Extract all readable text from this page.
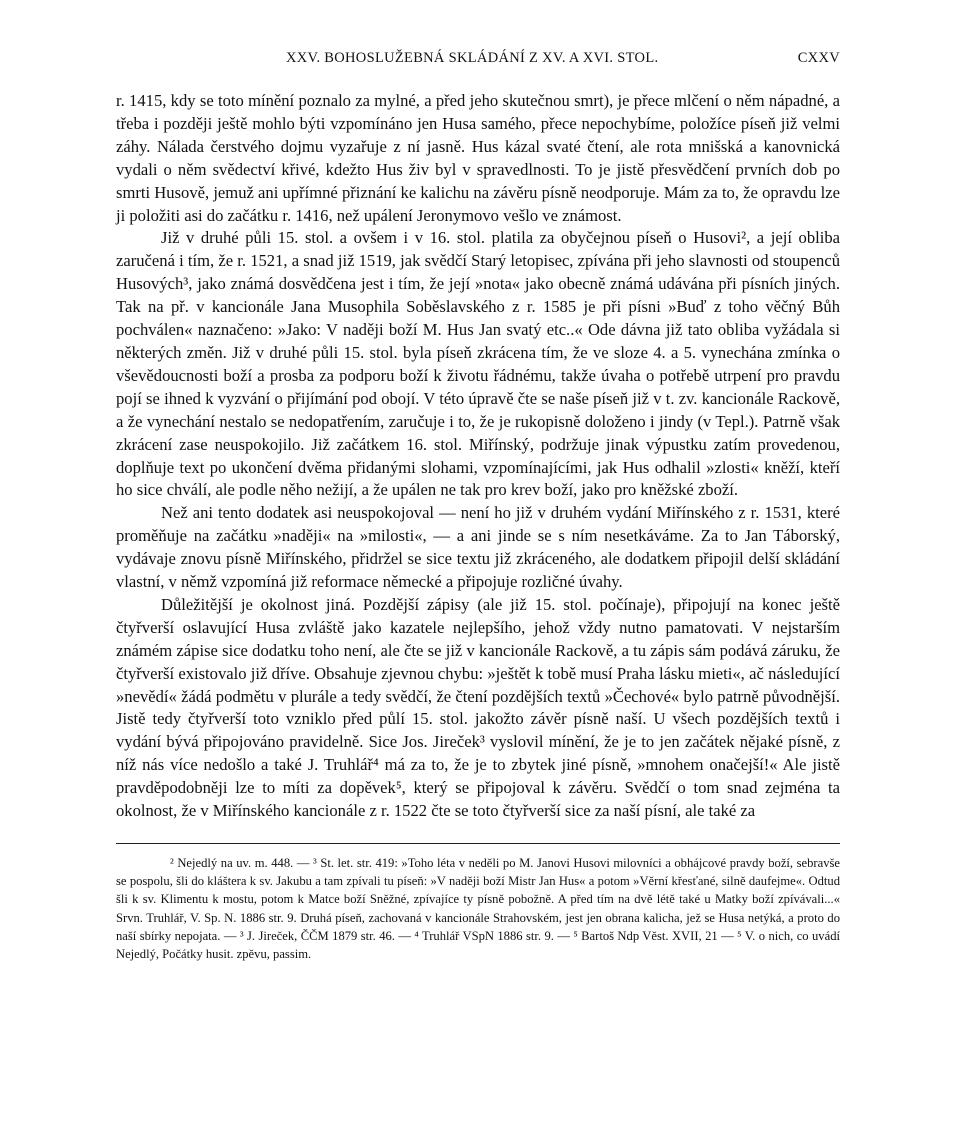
XXV. BOHOSLUŽEBNÁ SKLÁDÁNÍ Z XV. A XVI. STOL.	CXXV

r. 1415, kdy se toto mínění poznalo za mylné, a před jeho skutečnou smrt), je přece mlčení o něm nápadné, a třeba i později ještě mohlo býti vzpomínáno jen Husa samého, přece nepochybíme, položíce píseň již velmi záhy. Nálada čerstvého dojmu vyzařuje z ní jasně. Hus kázal svaté čtení, ale rota mnišská a kanovnická vydali o něm svědectví křivé, kdežto Hus živ byl v spravedlnosti. To je jistě přesvědčení prvních dob po smrti Husově, jemuž ani upřímné přiznání ke kalichu na závěru písně neodporuje. Mám za to, že opravdu lze ji položiti asi do začátku r. 1416, než upálení Jeronymovo vešlo ve známost.

Již v druhé půli 15. stol. a ovšem i v 16. stol. platila za obyčejnou píseň o Husovi², a její obliba zaručená i tím, že r. 1521, a snad již 1519, jak svědčí Starý letopisec, zpívána při jeho slavnosti od stoupenců Husových³, jako známá dosvědčena jest i tím, že její »nota« jako obecně známá udávána při písních jiných. Tak na př. v kancionále Jana Musophila Soběslavského z r. 1585 je při písni »Buď z toho věčný Bůh pochválen« naznačeno: »Jako: V naději boží M. Hus Jan svatý etc..« Ode dávna již tato obliba vyžádala si některých změn. Již v druhé půli 15. stol. byla píseň zkrácena tím, že ve sloze 4. a 5. vynechána zmínka o vševědoucnosti boží a prosba za podporu boží k životu řádnému, takže úvaha o potřebě utrpení pro pravdu pojí se ihned k vyzvání o přijímání pod obojí. V této úpravě čte se naše píseň již v t. zv. kancionále Rackově, a že vynechání nestalo se nedopatřením, zaručuje i to, že je rukopisně doloženo i jindy (v Tepl.). Patrně však zkrácení zase neuspokojilo. Již začátkem 16. stol. Miřínský, podržuje jinak výpustku zatím provedenou, doplňuje text po ukončení dvěma přidanými slohami, vzpomínajícími, jak Hus odhalil »zlosti« kněží, kteří ho sice chválí, ale podle něho nežijí, a že upálen ne tak pro krev boží, jako pro kněžské zboží.

Než ani tento dodatek asi neuspokojoval — není ho již v druhém vydání Miřínského z r. 1531, které proměňuje na začátku »naději« na »milosti«, — a ani jinde se s ním nesetkáváme. Za to Jan Táborský, vydávaje znovu písně Miřínského, přidržel se sice textu již zkráceného, ale dodatkem připojil delší skládání vlastní, v němž vzpomíná již reformace německé a připojuje rozličné úvahy.

Důležitější je okolnost jiná. Pozdější zápisy (ale již 15. stol. počínaje), připojují na konec ještě čtyřverší oslavující Husa zvláště jako kazatele nejlepšího, jehož vždy nutno pamatovati. V nejstarším známém zápise sice dodatku toho není, ale čte se již v kancionále Rackově, a tu zápis sám podává záruku, že čtyřverší existovalo již dříve. Obsahuje zjevnou chybu: »ještět k tobě musí Praha lásku mieti«, ač následující »nevědí« žádá podmětu v plurále a tedy svědčí, že čtení pozdějších textů »Čechové« bylo patrně původnější. Jistě tedy čtyřverší toto vzniklo před půlí 15. stol. jakožto závěr písně naší. U všech pozdějších textů i vydání bývá připojováno pravidelně. Sice Jos. Jireček³ vyslovil mínění, že je to jen začátek nějaké písně, z níž nás více nedošlo a také J. Truhlář⁴ má za to, že je to zbytek jiné písně, »mnohem onačejší!« Ale jistě pravděpodobněji lze to míti za dopěvek⁵, který se připojoval k závěru. Svědčí o tom snad zejména ta okolnost, že v Miřínského kancionále z r. 1522 čte se toto čtyřverší sice za naší písní, ale také za

² Nejedlý na uv. m. 448. — ³ St. let. str. 419: »Toho léta v neděli po M. Janovi Husovi milovníci a obhájcové pravdy boží, sebravše se pospolu, šli do kláštera k sv. Jakubu a tam zpívali tu píseň: »V naději boží Mistr Jan Hus« a potom »Věrní křesťané, silně daufejme«. Odtud šli k sv. Klimentu k mostu, potom k Matce boží Sněžné, zpívajíce ty písně pobožně. A před tím na dvě létě také u Matky boží zpívávali...« Srvn. Truhlář, V. Sp. N. 1886 str. 9. Druhá píseň, zachovaná v kancionále Strahovském, jest jen obrana kalicha, jež se Husa netýká, a proto do naší sbírky nepojata. — ³ J. Jireček, ČČM 1879 str. 46. — ⁴ Truhlář VSpN 1886 str. 9. — ⁵ Bartoš Ndp Věst. XVII, 21 — ⁵ V. o nich, co uvádí Nejedlý, Počátky husit. zpěvu, passim.
